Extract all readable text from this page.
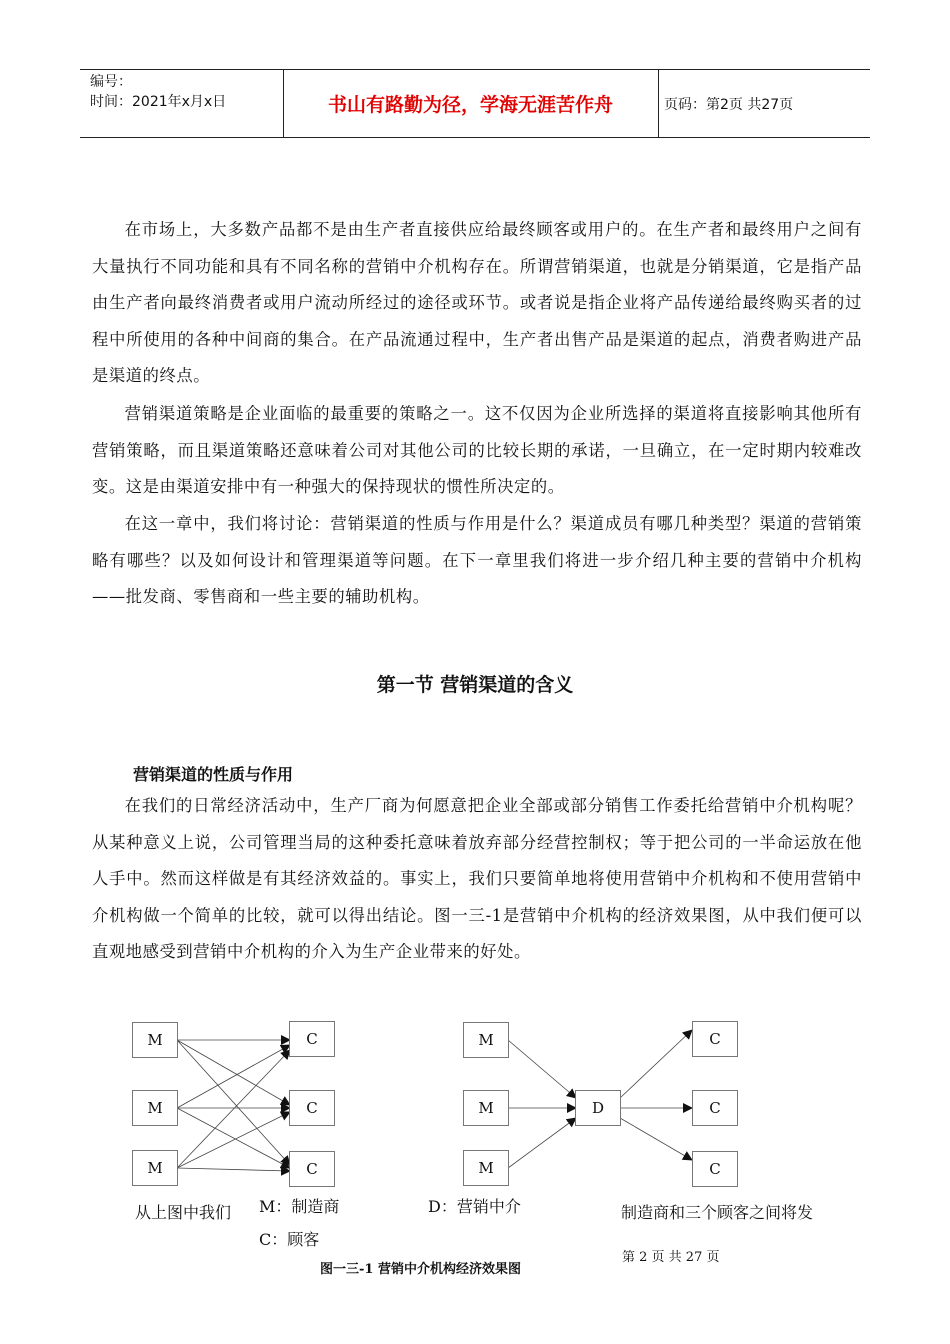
编号：
时间：2021年x月x日	书山有路勤为径，学海无涯苦作舟	页码：第2页 共27页

在市场上，大多数产品都不是由生产者直接供应给最终顾客或用户的。在生产者和最终用户之间有大量执行不同功能和具有不同名称的营销中介机构存在。所谓营销渠道，也就是分销渠道，它是指产品由生产者向最终消费者或用户流动所经过的途径或环节。或者说是指企业将产品传递给最终购买者的过程中所使用的各种中间商的集合。在产品流通过程中，生产者出售产品是渠道的起点，消费者购进产品是渠道的终点。

营销渠道策略是企业面临的最重要的策略之一。这不仅因为企业所选择的渠道将直接影响其他所有营销策略，而且渠道策略还意味着公司对其他公司的比较长期的承诺，一旦确立，在一定时期内较难改变。这是由渠道安排中有一种强大的保持现状的惯性所决定的。

在这一章中，我们将讨论：营销渠道的性质与作用是什么？渠道成员有哪几种类型？渠道的营销策略有哪些？以及如何设计和管理渠道等问题。在下一章里我们将进一步介绍几种主要的营销中介机构——批发商、零售商和一些主要的辅助机构。

第一节 营销渠道的含义
营销渠道的性质与作用

在我们的日常经济活动中，生产厂商为何愿意把企业全部或部分销售工作委托给营销中介机构呢？从某种意义上说，公司管理当局的这种委托意味着放弃部分经营控制权；等于把公司的一半命运放在他人手中。然而这样做是有其经济效益的。事实上，我们只要简单地将使用营销中介机构和不使用营销中介机构做一个简单的比较，就可以得出结论。图一三-1是营销中介机构的经济效果图，从中我们便可以直观地感受到营销中介机构的介入为生产企业带来的好处。

M
M
M
C
C
C
M
M
M
D
C
C
C
从上图中我们 M：制造商
C：顾客
D：营销中介	制造商和三个顾客之间将发
第 2 页 共 27 页
图一三-1 营销中介机构经济效果图
